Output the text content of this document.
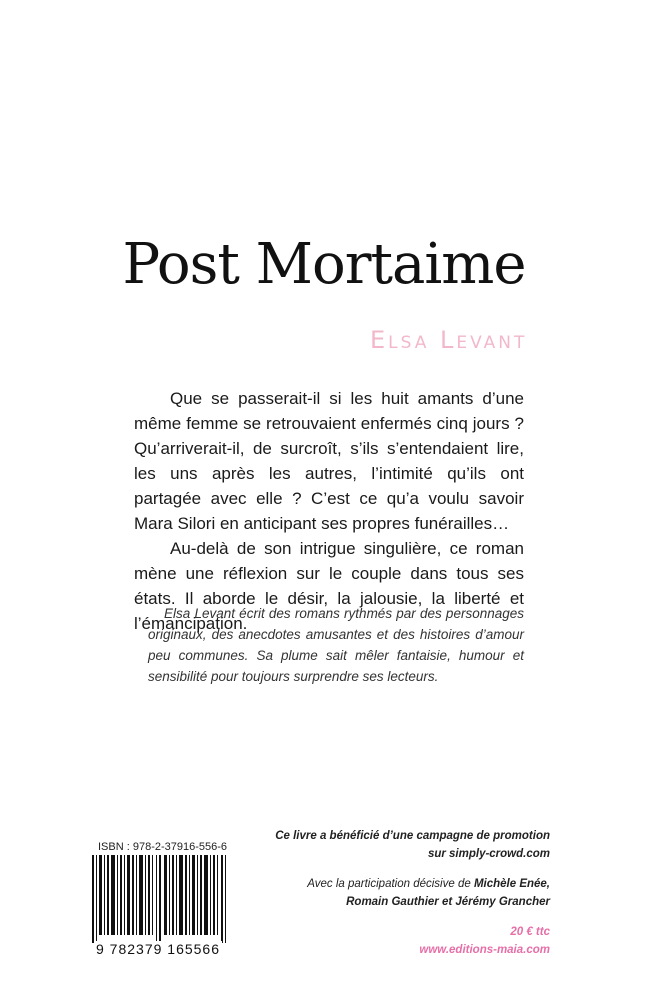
Post Mortaime
Elsa Levant

Que se passerait-il si les huit amants d’une même femme se retrouvaient enfermés cinq jours ? Qu’arriverait-il, de surcroît, s’ils s’entendaient lire, les uns après les autres, l’intimité qu’ils ont partagée avec elle ? C’est ce qu’a voulu savoir Mara Silori en anticipant ses propres funérailles…

Au-delà de son intrigue singulière, ce roman mène une réflexion sur le couple dans tous ses états. Il aborde le désir, la jalousie, la liberté et l’émancipation.

Elsa Levant écrit des romans rythmés par des personnages originaux, des anecdotes amusantes et des histoires d’amour peu communes. Sa plume sait mêler fantaisie, humour et sensibilité pour toujours surprendre ses lecteurs.
ISBN : 978-2-37916-556-6
9 782379 165566
Ce livre a bénéficié d’une campagne de promotion
sur simply-crowd.com
Avec la participation décisive de Michèle Enée,
Romain Gauthier et Jérémy Grancher
20 € ttc
www.editions-maia.com
